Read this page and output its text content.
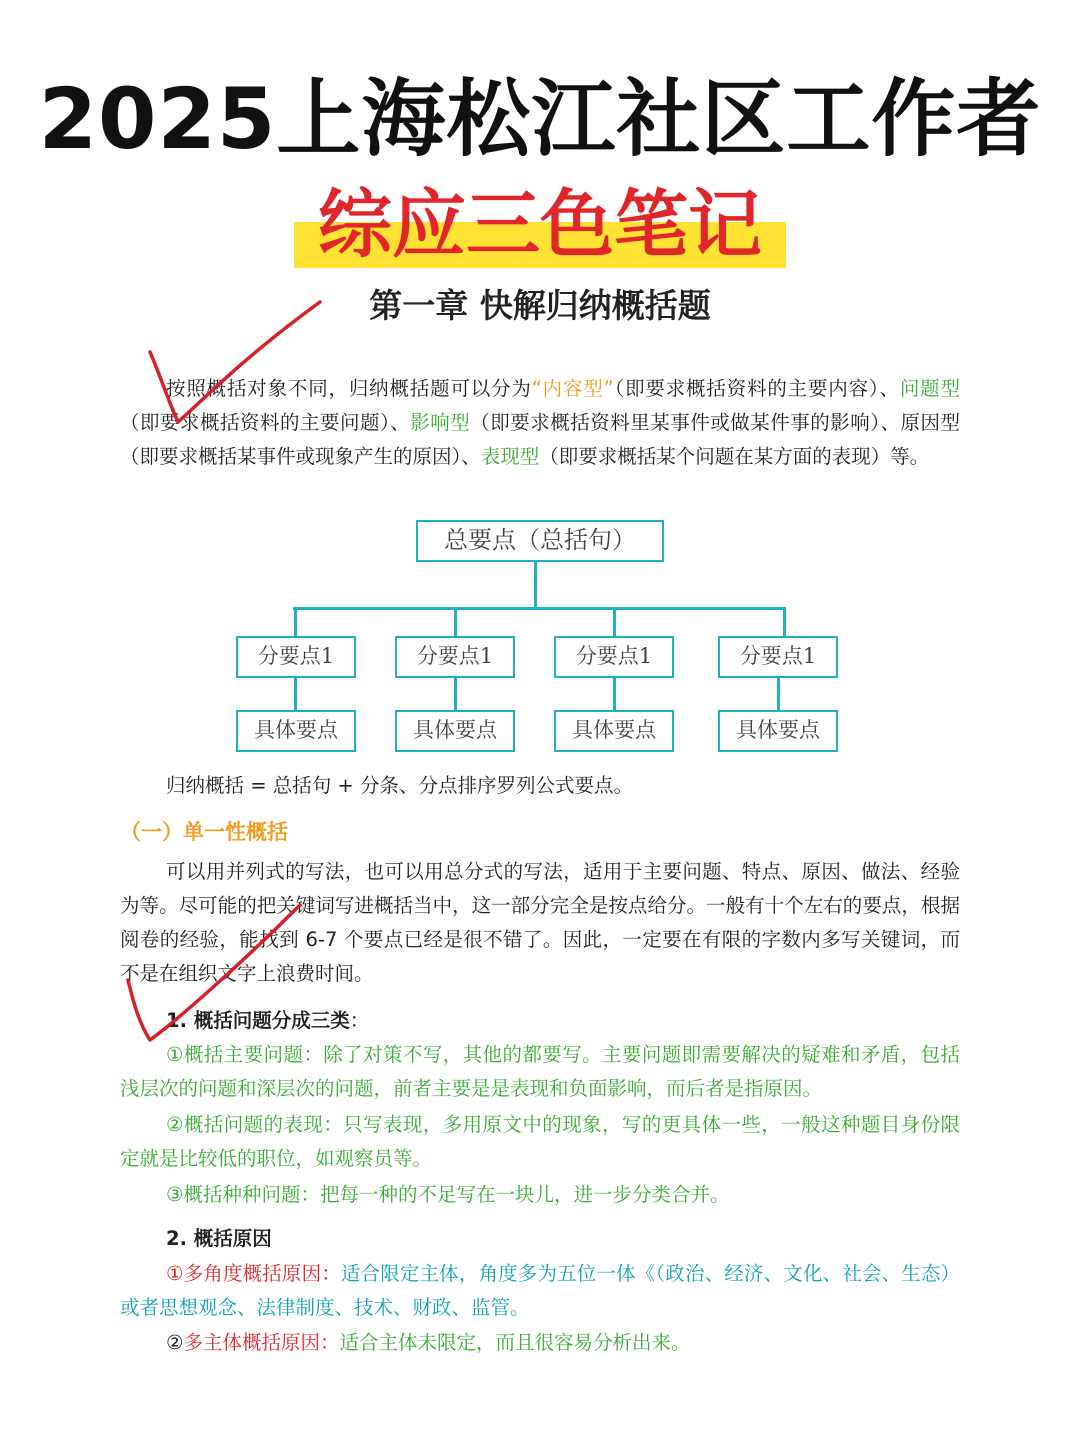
2025上海松江社区工作者
综应三色笔记
第一章 快解归纳概括题
按照概括对象不同，归纳概括题可以分为“内容型”（即要求概括资料的主要内容）、问题型（即要求概括资料的主要问题）、影响型（即要求概括资料里某事件或做某件事的影响）、原因型（即要求概括某事件或现象产生的原因）、表现型（即要求概括某个问题在某方面的表现）等。
总要点（总括句）
分要点1	分要点1	分要点1	分要点1
具体要点	具体要点	具体要点	具体要点
归纳概括 = 总括句 + 分条、分点排序罗列公式要点。
（一）单一性概括
可以用并列式的写法，也可以用总分式的写法，适用于主要问题、特点、原因、做法、经验为等。尽可能的把关键词写进概括当中，这一部分完全是按点给分。一般有十个左右的要点，根据阅卷的经验，能找到 6-7 个要点已经是很不错了。因此，一定要在有限的字数内多写关键词，而不是在组织文字上浪费时间。
1. 概括问题分成三类：
①概括主要问题：除了对策不写，其他的都要写。主要问题即需要解决的疑难和矛盾，包括浅层次的问题和深层次的问题，前者主要是是表现和负面影响，而后者是指原因。
②概括问题的表现：只写表现，多用原文中的现象，写的更具体一些，一般这种题目身份限定就是比较低的职位，如观察员等。
③概括种种问题：把每一种的不足写在一块儿，进一步分类合并。
2. 概括原因
①多角度概括原因：适合限定主体，角度多为五位一体《（政治、经济、文化、社会、生态）或者思想观念、法律制度、技术、财政、监管。
②多主体概括原因：适合主体未限定，而且很容易分析出来。
